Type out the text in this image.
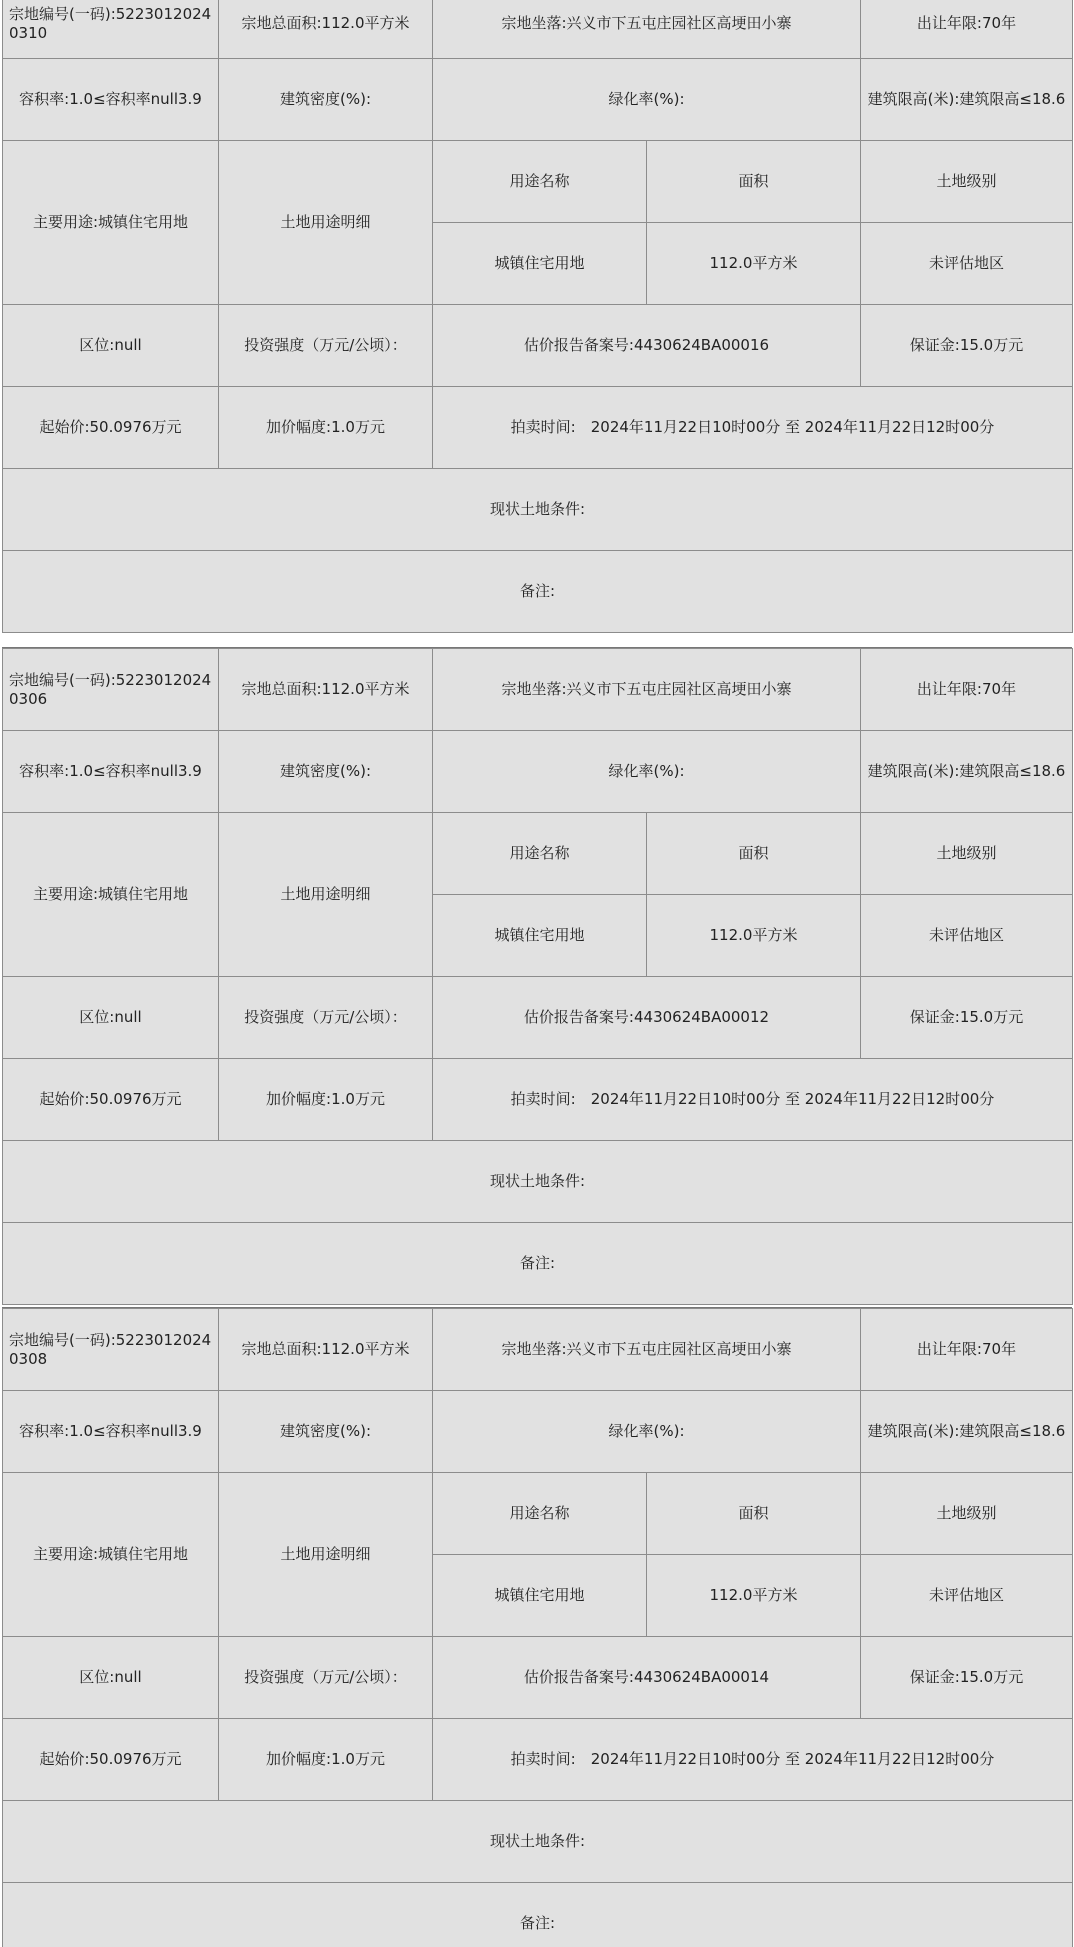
宗地编号(一码):52230120240310	宗地总面积:112.0平方米	宗地坐落:兴义市下五屯庄园社区高埂田小寨		出让年限:70年
容积率:1.0≤容积率null3.9	建筑密度(%):	绿化率(%):		建筑限高(米):建筑限高≤18.6
主要用途:城镇住宅用地	土地用途明细	用途名称	面积	土地级别
		城镇住宅用地	112.0平方米	未评估地区
区位:null	投资强度（万元/公顷）：	估价报告备案号:4430624BA00016		保证金:15.0万元
起始价:50.0976万元	加价幅度:1.0万元	拍卖时间:　2024年11月22日10时00分 至 2024年11月22日12时00分		
现状土地条件:				
备注:				
宗地编号(一码):52230120240306	宗地总面积:112.0平方米	宗地坐落:兴义市下五屯庄园社区高埂田小寨		出让年限:70年
容积率:1.0≤容积率null3.9	建筑密度(%):	绿化率(%):		建筑限高(米):建筑限高≤18.6
主要用途:城镇住宅用地	土地用途明细	用途名称	面积	土地级别
		城镇住宅用地	112.0平方米	未评估地区
区位:null	投资强度（万元/公顷）：	估价报告备案号:4430624BA00012		保证金:15.0万元
起始价:50.0976万元	加价幅度:1.0万元	拍卖时间:　2024年11月22日10时00分 至 2024年11月22日12时00分		
现状土地条件:				
备注:				
宗地编号(一码):52230120240308	宗地总面积:112.0平方米	宗地坐落:兴义市下五屯庄园社区高埂田小寨		出让年限:70年
容积率:1.0≤容积率null3.9	建筑密度(%):	绿化率(%):		建筑限高(米):建筑限高≤18.6
主要用途:城镇住宅用地	土地用途明细	用途名称	面积	土地级别
		城镇住宅用地	112.0平方米	未评估地区
区位:null	投资强度（万元/公顷）：	估价报告备案号:4430624BA00014		保证金:15.0万元
起始价:50.0976万元	加价幅度:1.0万元	拍卖时间:　2024年11月22日10时00分 至 2024年11月22日12时00分		
现状土地条件:				
备注:				
